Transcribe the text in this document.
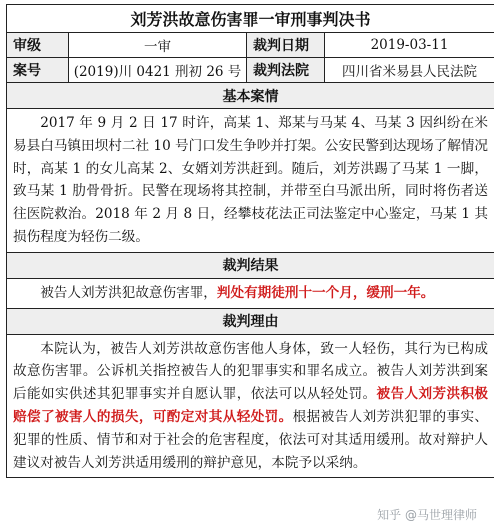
刘芳洪故意伤害罪一审刑事判决书			
审级	一审	裁判日期	2019-03-11
案号	(2019)川 0421 刑初 26 号	裁判法院	四川省米易县人民法院
基本案情			
2017 年 9 月 2 日 17 时许，高某 1、郑某与马某 4、马某 3 因纠纷在米易县白马镇田坝村二社 10 号门口发生争吵并打架。公安民警到达现场了解情况时，高某 1 的女儿高某 2、女婿刘芳洪赶到。随后，刘芳洪踢了马某 1 一脚，致马某 1 肋骨骨折。民警在现场将其控制，并带至白马派出所，同时将伤者送往医院救治。2018 年 2 月 8 日，经攀枝花法正司法鉴定中心鉴定，马某 1 其损伤程度为轻伤二级。			
裁判结果			
被告人刘芳洪犯故意伤害罪，判处有期徒刑十一个月，缓刑一年。			
裁判理由			
本院认为，被告人刘芳洪故意伤害他人身体，致一人轻伤，其行为已构成故意伤害罪。公诉机关指控被告人的犯罪事实和罪名成立。被告人刘芳洪到案后能如实供述其犯罪事实并自愿认罪，依法可以从轻处罚。被告人刘芳洪积极赔偿了被害人的损失，可酌定对其从轻处罚。根据被告人刘芳洪犯罪的事实、犯罪的性质、情节和对于社会的危害程度，依法可对其适用缓刑。故对辩护人建议对被告人刘芳洪适用缓刑的辩护意见，本院予以采纳。			
知乎 @马世理律师
